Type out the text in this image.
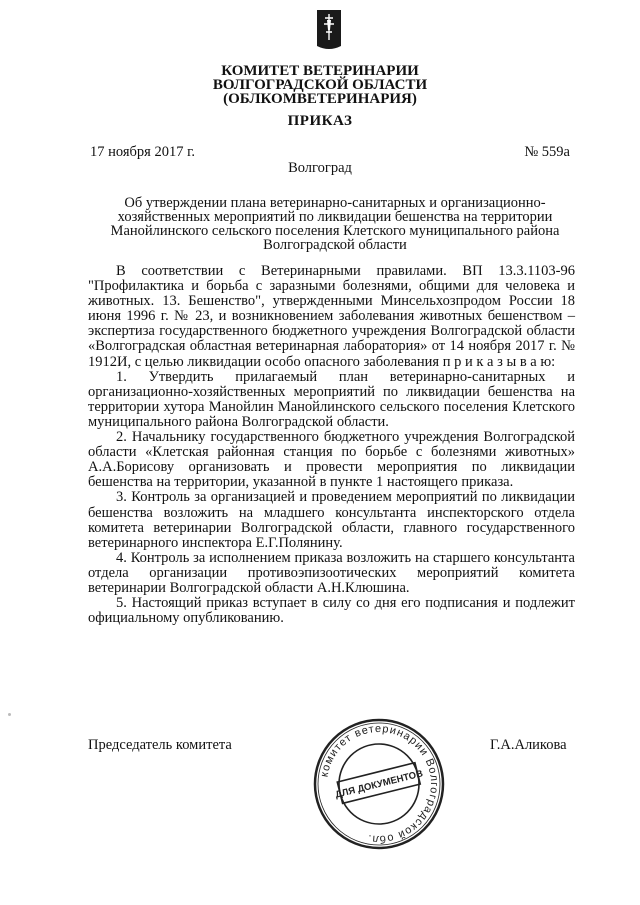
КОМИТЕТ ВЕТЕРИНАРИИ
ВОЛГОГРАДСКОЙ ОБЛАСТИ
(ОБЛКОМВЕТЕРИНАРИЯ)
ПРИКАЗ
17 ноября 2017 г.	№ 559а
Волгоград
Об утверждении плана ветеринарно-санитарных и организационно-хозяйственных мероприятий по ликвидации бешенства на территории Манойлинского сельского поселения Клетского муниципального района Волгоградской области

В соответствии с Ветеринарными правилами. ВП 13.3.1103-96 "Профилактика и борьба с заразными болезнями, общими для человека и животных. 13. Бешенство", утвержденными Минсельхозпродом России 18 июня 1996 г. № 23, и возникновением заболевания животных бешенством – экспертиза государственного бюджетного учреждения Волгоградской области «Волгоградская областная ветеринарная лаборатория» от 14 ноября 2017 г. № 1912И, с целью ликвидации особо опасного заболевания п р и к а з ы в а ю:

1. Утвердить прилагаемый план ветеринарно-санитарных и организационно-хозяйственных мероприятий по ликвидации бешенства на территории хутора Манойлин Манойлинского сельского поселения Клетского муниципального района Волгоградской области.

2. Начальнику государственного бюджетного учреждения Волгоградской области «Клетская районная станция по борьбе с болезнями животных» А.А.Борисову организовать и провести мероприятия по ликвидации бешенства на территории, указанной в пункте 1 настоящего приказа.

3. Контроль за организацией и проведением мероприятий по ликвидации бешенства возложить на младшего консультанта инспекторского отдела комитета ветеринарии Волгоградской области, главного государственного ветеринарного инспектора Е.Г.Полянину.

4. Контроль за исполнением приказа возложить на старшего консультанта отдела организации противоэпизоотических мероприятий комитета ветеринарии Волгоградской области А.Н.Клюшина.

5. Настоящий приказ вступает в силу со дня его подписания и подлежит официальному опубликованию.

Председатель комитета	Г.А.Аликова
комитет ветеринарии Волгоградской обл.
ДЛЯ ДОКУМЕНТОВ
